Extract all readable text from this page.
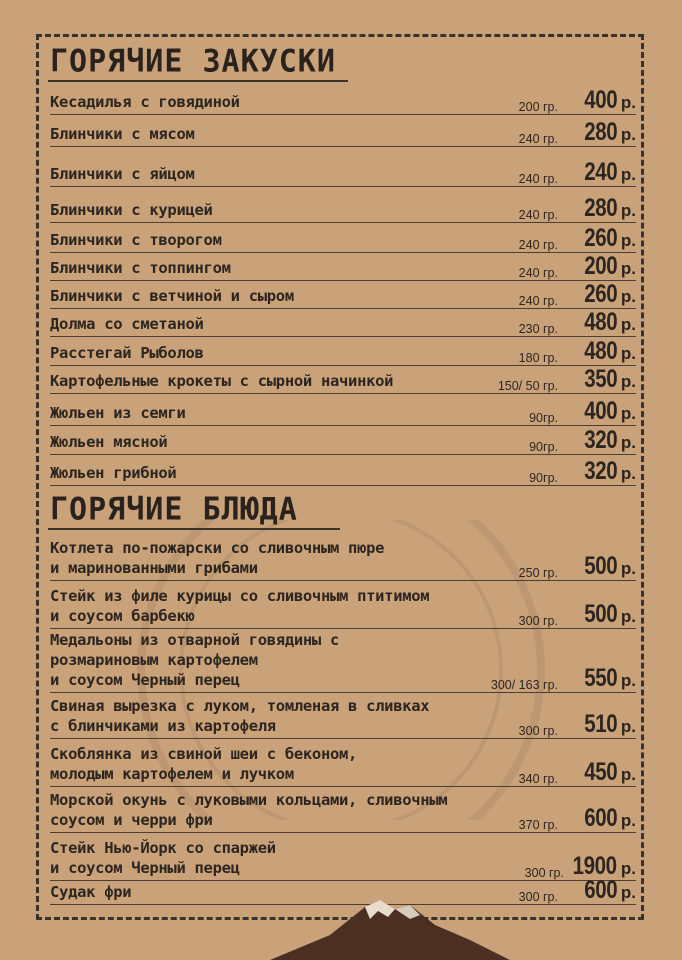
ГОРЯЧИЕ ЗАКУСКИ
ГОРЯЧИЕ БЛЮДА
Кесадилья с говядиной	200 гр. 400 р.
Блинчики с мясом	240 гр. 280 р.
Блинчики с яйцом	240 гр. 240 р.
Блинчики с курицей	240 гр. 280 р.
Блинчики с творогом	240 гр. 260 р.
Блинчики с топпингом	240 гр. 200 р.
Блинчики с ветчиной и сыром	240 гр. 260 р.
Долма со сметаной	230 гр. 480 р.
Расстегай Рыболов	180 гр. 480 р.
Картофельные крокеты с сырной начинкой	150/ 50 гр. 350 р.
Жюльен из семги	90гр. 400 р.
Жюльен мясной	90гр. 320 р.
Жюльен грибной	90гр. 320 р.
Котлета по-пожарски со сливочным пюре
и маринованными грибами	250 гр. 500 р.
Стейк из филе курицы со сливочным птитимом
и соусом барбекю	300 гр. 500 р.
Медальоны из отварной говядины с
розмариновым картофелем
и соусом Черный перец	300/ 163 гр. 550 р.
Свиная вырезка с луком, томленая в сливках
с блинчиками из картофеля	300 гр. 510 р.
Скоблянка из свиной шеи с беконом,
молодым картофелем и лучком	340 гр. 450 р.
Морской окунь с луковыми кольцами, сливочным
соусом и черри фри	370 гр. 600 р.
Стейк Нью-Йорк со спаржей
и соусом Черный перец	300 гр. 1900 р.
Судак фри	300 гр. 600 р.
